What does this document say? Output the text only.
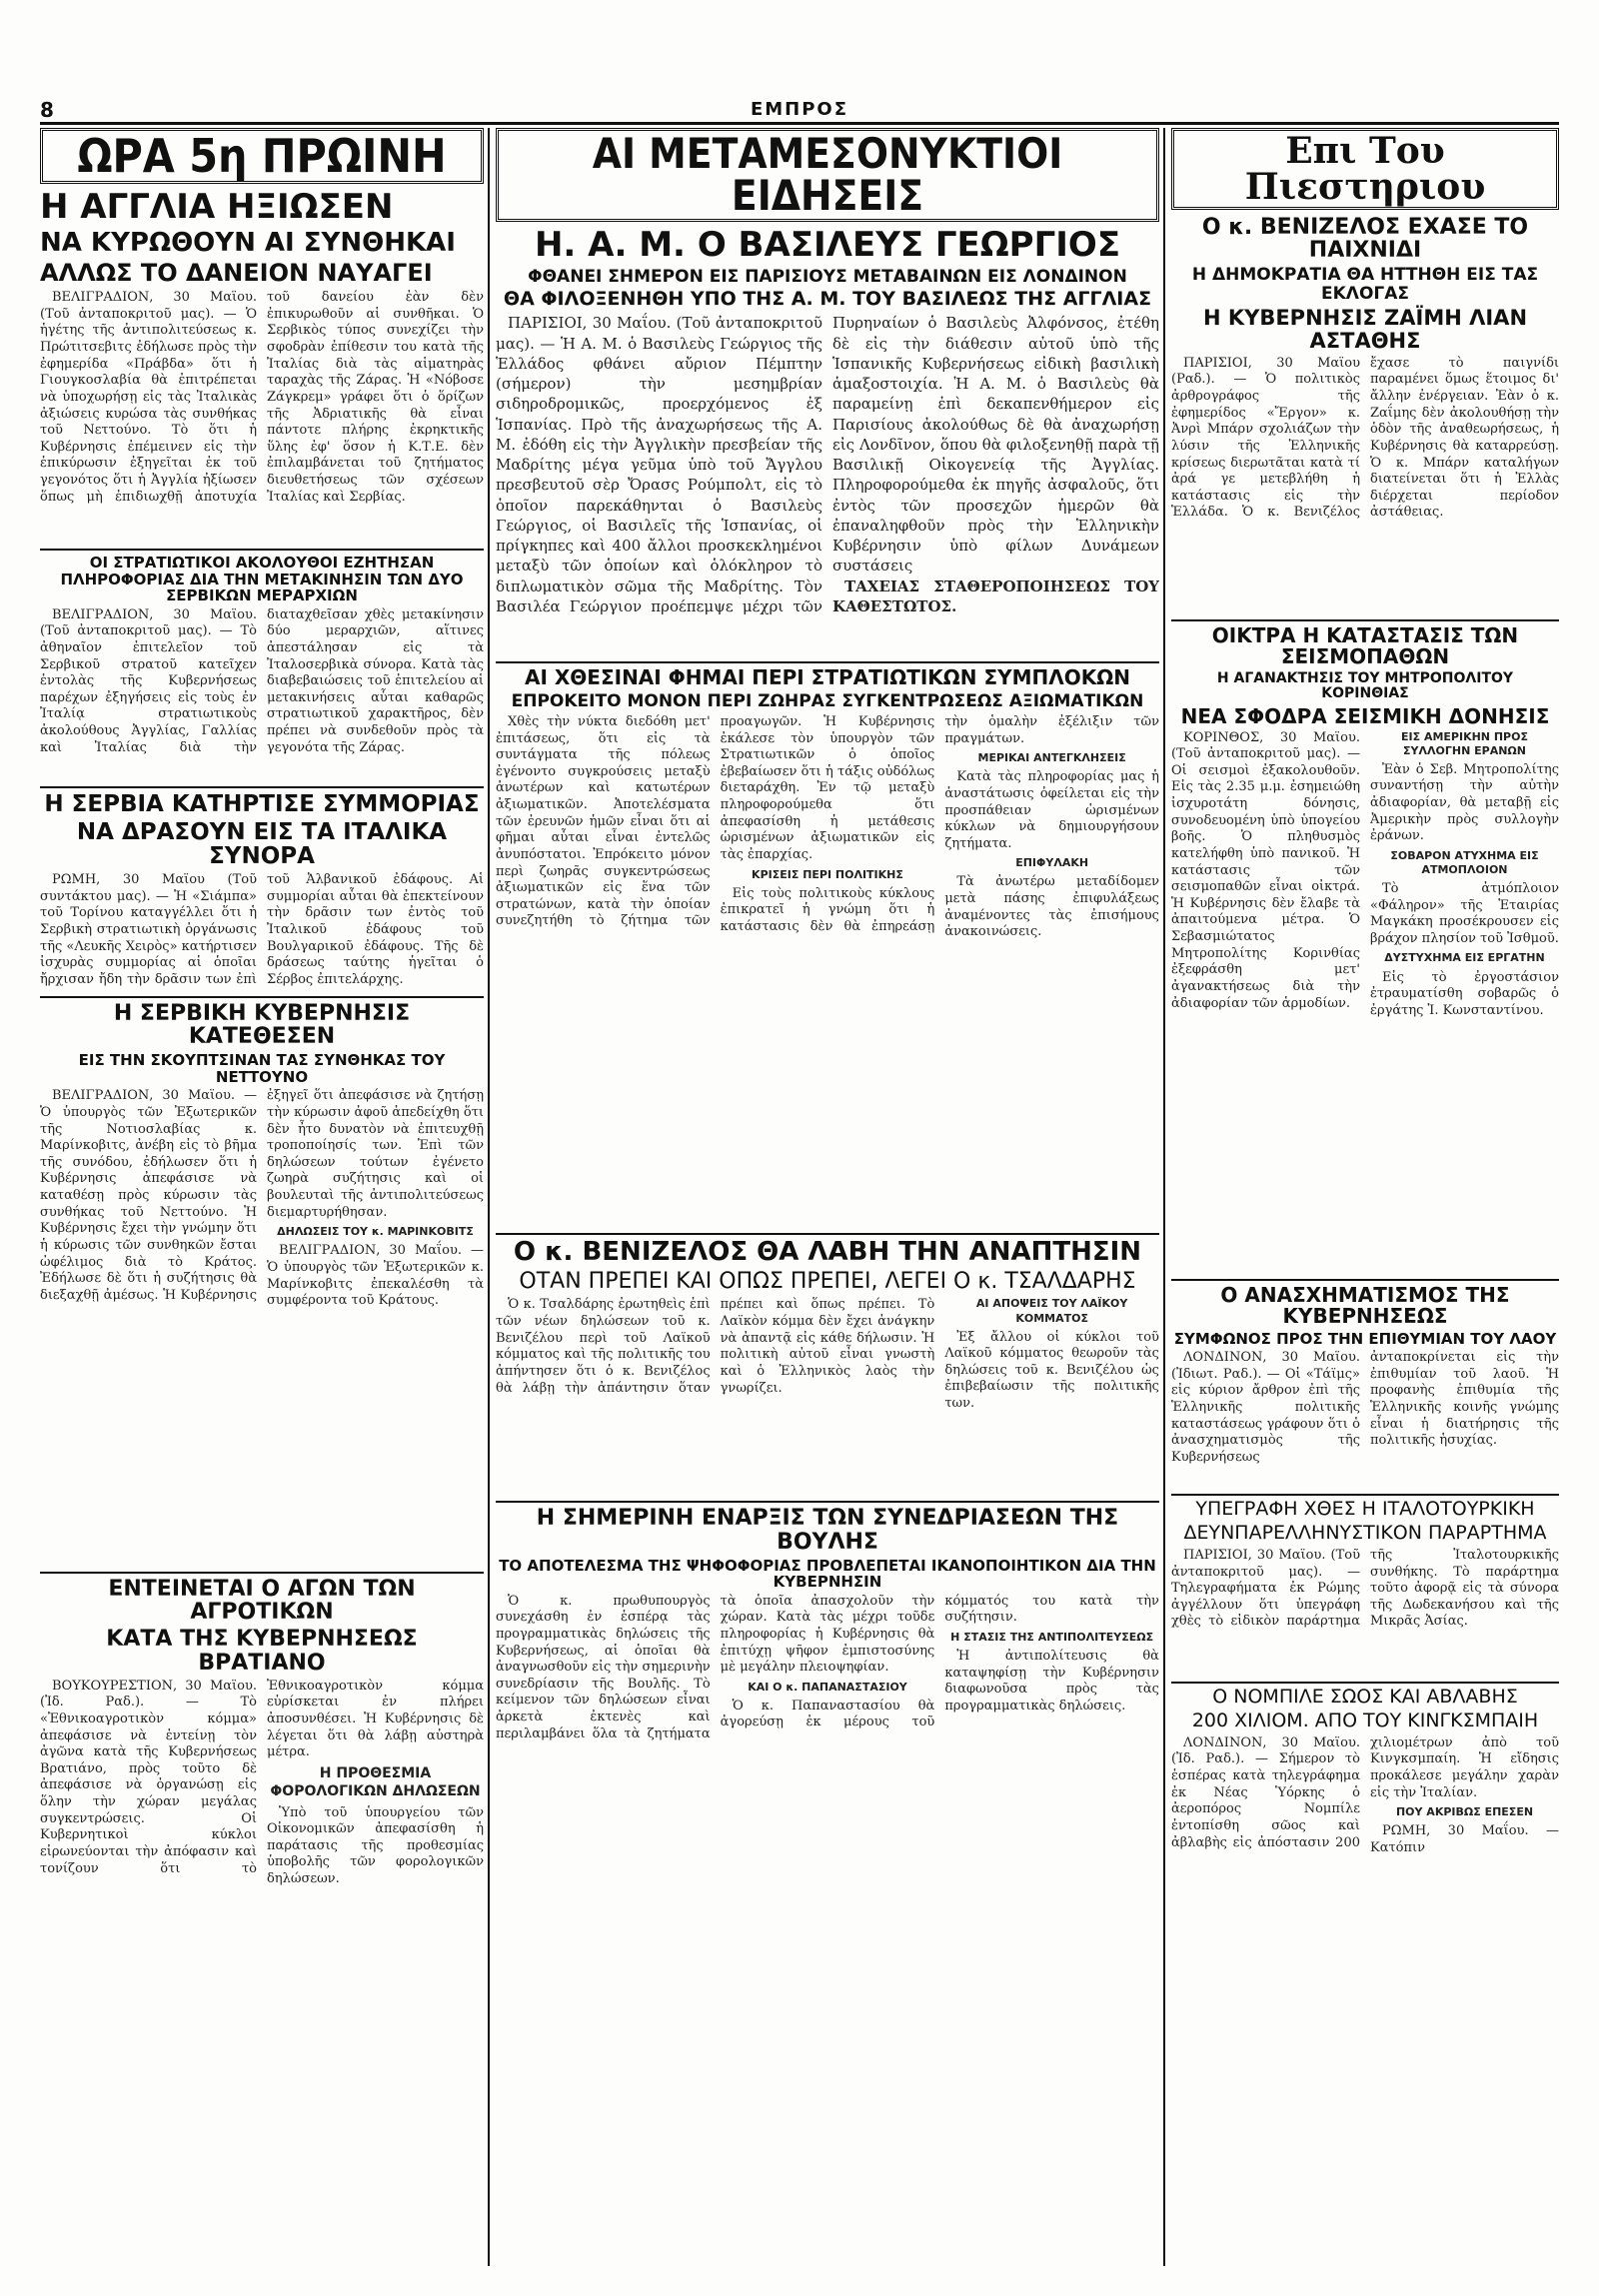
8	ΕΜΠΡΟΣ
ΩΡΑ 5η ΠΡΩΙΝΗ
Η ΑΓΓΛΙΑ ΗΞΙΩΣΕΝ
ΝΑ ΚΥΡΩΘΟΥΝ ΑΙ ΣΥΝΘΗΚΑΙ
ΑΛΛΩΣ ΤΟ ΔΑΝΕΙΟΝ ΝΑΥΑΓΕΙ

ΒΕΛΙΓΡΑΔΙΟΝ, 30 Μαΐου. (Τοῦ ἀνταποκριτοῦ μας). — Ὁ ἡγέτης τῆς ἀντιπολιτεύσεως κ. Πρώτιτσεβιτς ἐδήλωσε πρὸς τὴν ἐφημερίδα «Πράβδα» ὅτι ἡ Γιουγκοσλαβία θὰ ἐπιτρέπεται νὰ ὑποχωρήσῃ εἰς τὰς Ἰταλικὰς ἀξιώσεις κυρώσα τὰς συνθήκας τοῦ Νεττούνο. Τὸ ὅτι ἡ Κυβέρνησις ἐπέμεινεν εἰς τὴν ἐπικύρωσιν ἐξηγεῖται ἐκ τοῦ γεγονότος ὅτι ἡ Ἀγγλία ἠξίωσεν ὅπως μὴ ἐπιδιωχθῇ ἀποτυχία τοῦ δανείου ἐὰν δὲν ἐπικυρωθοῦν αἱ συνθῆκαι. Ὁ Σερβικὸς τύπος συνεχίζει τὴν σφοδρὰν ἐπίθεσιν του κατὰ τῆς Ἰταλίας διὰ τὰς αἱματηρὰς ταραχὰς τῆς Ζάρας. Ἡ «Νόβοσε Ζάγκρεμ» γράφει ὅτι ὁ ὅρίζων τῆς Ἀδριατικῆς θὰ εἶναι πάντοτε πλήρης ἐκρηκτικῆς ὕλης ἐφ' ὅσον ἡ Κ.Τ.Ε. δὲν ἐπιλαμβάνεται τοῦ ζητήματος διευθετήσεως τῶν σχέσεων Ἰταλίας καὶ Σερβίας.

ΟΙ ΣΤΡΑΤΙΩΤΙΚΟΙ ΑΚΟΛΟΥΘΟΙ ΕΖΗΤΗΣΑΝ ΠΛΗΡΟΦΟΡΙΑΣ ΔΙΑ ΤΗΝ ΜΕΤΑΚΙΝΗΣΙΝ ΤΩΝ ΔΥΟ ΣΕΡΒΙΚΩΝ ΜΕΡΑΡΧΙΩΝ

ΒΕΛΙΓΡΑΔΙΟΝ, 30 Μαΐου. (Τοῦ ἀνταποκριτοῦ μας). — Τὸ ἀθηναῖον ἐπιτελεῖον τοῦ Σερβικοῦ στρατοῦ κατεῖχεν ἐντολὰς τῆς Κυβερνήσεως παρέχων ἐξηγήσεις εἰς τοὺς ἐν Ἰταλίᾳ στρατιωτικοὺς ἀκολούθους Ἀγγλίας, Γαλλίας καὶ Ἰταλίας διὰ τὴν διαταχθεῖσαν χθὲς μετακίνησιν δύο μεραρχιῶν, αἵτινες ἀπεστάλησαν εἰς τὰ Ἰταλοσερβικὰ σύνορα. Κατὰ τὰς διαβεβαιώσεις τοῦ ἐπιτελείου αἱ μετακινήσεις αὗται καθαρῶς στρατιωτικοῦ χαρακτῆρος, δὲν πρέπει νὰ συνδεθοῦν πρὸς τὰ γεγονότα τῆς Ζάρας.

Η ΣΕΡΒΙΑ ΚΑΤΗΡΤΙΣΕ ΣΥΜΜΟΡΙΑΣ
ΝΑ ΔΡΑΣΟΥΝ ΕΙΣ ΤΑ ΙΤΑΛΙΚΑ ΣΥΝΟΡΑ

ΡΩΜΗ, 30 Μαΐου (Τοῦ συντάκτου μας). — Ἡ «Σιάμπα» τοῦ Τορίνου καταγγέλλει ὅτι ἡ Σερβικὴ στρατιωτικὴ ὀργάνωσις τῆς «Λευκῆς Χειρὸς» κατήρτισεν ἰσχυρὰς συμμορίας αἱ ὁποῖαι ἤρχισαν ἤδη τὴν δρᾶσιν των ἐπὶ τοῦ Ἀλβανικοῦ ἐδάφους. Αἱ συμμορίαι αὗται θὰ ἐπεκτείνουν τὴν δρᾶσιν των ἐντὸς τοῦ Ἰταλικοῦ ἐδάφους τοῦ Βουλγαρικοῦ ἐδάφους. Τῆς δὲ δράσεως ταύτης ἡγεῖται ὁ Σέρβος ἐπιτελάρχης.

Η ΣΕΡΒΙΚΗ ΚΥΒΕΡΝΗΣΙΣ ΚΑΤΕΘΕΣΕΝ
ΕΙΣ ΤΗΝ ΣΚΟΥΠΤΣΙΝΑΝ ΤΑΣ ΣΥΝΘΗΚΑΣ ΤΟΥ ΝΕΤΤΟΥΝΟ

ΒΕΛΙΓΡΑΔΙΟΝ, 30 Μαΐου. — Ὁ ὑπουργὸς τῶν Ἐξωτερικῶν τῆς Νοτιοσλαβίας κ. Μαρίνκοβιτς, ἀνέβη εἰς τὸ βῆμα τῆς συνόδου, ἐδήλωσεν ὅτι ἡ Κυβέρνησις ἀπεφάσισε νὰ καταθέσῃ πρὸς κύρωσιν τὰς συνθήκας τοῦ Νεττούνο. Ἡ Κυβέρνησις ἔχει τὴν γνώμην ὅτι ἡ κύρωσις τῶν συνθηκῶν ἔσται ὠφέλιμος διὰ τὸ Κράτος. Ἐδήλωσε δὲ ὅτι ἡ συζήτησις θὰ διεξαχθῇ ἀμέσως. Ἡ Κυβέρνησις ἐξηγεῖ ὅτι ἀπεφάσισε νὰ ζητήσῃ τὴν κύρωσιν ἀφοῦ ἀπεδείχθη ὅτι δὲν ἦτο δυνατὸν νὰ ἐπιτευχθῇ τροποποίησίς των. Ἐπὶ τῶν δηλώσεων τούτων ἐγένετο ζωηρὰ συζήτησις καὶ οἱ βουλευταὶ τῆς ἀντιπολιτεύσεως διεμαρτυρήθησαν.

ΔΗΛΩΣΕΙΣ ΤΟΥ κ. ΜΑΡΙΝΚΟΒΙΤΣ

ΒΕΛΙΓΡΑΔΙΟΝ, 30 Μαΐου. — Ὁ ὑπουργὸς τῶν Ἐξωτερικῶν κ. Μαρίνκοβιτς ἐπεκαλέσθη τὰ συμφέροντα τοῦ Κράτους.

ΕΝΤΕΙΝΕΤΑΙ Ο ΑΓΩΝ ΤΩΝ ΑΓΡΟΤΙΚΩΝ
ΚΑΤΑ ΤΗΣ ΚΥΒΕΡΝΗΣΕΩΣ ΒΡΑΤΙΑΝΟ

ΒΟΥΚΟΥΡΕΣΤΙΟΝ, 30 Μαΐου. (Ἰδ. Ραδ.). — Τὸ «Ἐθνικοαγροτικὸν κόμμα» ἀπεφάσισε νὰ ἐντείνῃ τὸν ἀγῶνα κατὰ τῆς Κυβερνήσεως Βρατιάνο, πρὸς τοῦτο δὲ ἀπεφάσισε νὰ ὀργανώσῃ εἰς ὅλην τὴν χώραν μεγάλας συγκεντρώσεις. Οἱ Κυβερνητικοὶ κύκλοι εἰρωνεύονται τὴν ἀπόφασιν καὶ τονίζουν ὅτι τὸ Ἐθνικοαγροτικὸν κόμμα εὑρίσκεται ἐν πλήρει ἀποσυνθέσει. Ἡ Κυβέρνησις δὲ λέγεται ὅτι θὰ λάβῃ αὐστηρὰ μέτρα.

Η ΠΡΟΘΕΣΜΙΑ ΦΟΡΟΛΟΓΙΚΩΝ ΔΗΛΩΣΕΩΝ

Ὑπὸ τοῦ ὑπουργείου τῶν Οἰκονομικῶν ἀπεφασίσθη ἡ παράτασις τῆς προθεσμίας ὑποβολῆς τῶν φορολογικῶν δηλώσεων.

ΑΙ ΜΕΤΑΜΕΣΟΝΥΚΤΙΟΙ ΕΙΔΗΣΕΙΣ
Η. Α. Μ. Ο ΒΑΣΙΛΕΥΣ ΓΕΩΡΓΙΟΣ
ΦΘΑΝΕΙ ΣΗΜΕΡΟΝ ΕΙΣ ΠΑΡΙΣΙΟΥΣ ΜΕΤΑΒΑΙΝΩΝ ΕΙΣ ΛΟΝΔΙΝΟΝ
ΘΑ ΦΙΛΟΞΕΝΗΘΗ ΥΠΟ ΤΗΣ Α. Μ. ΤΟΥ ΒΑΣΙΛΕΩΣ ΤΗΣ ΑΓΓΛΙΑΣ

ΠΑΡΙΣΙΟΙ, 30 Μαΐου. (Τοῦ ἀνταποκριτοῦ μας). — Ἡ Α. Μ. ὁ Βασιλεὺς Γεώργιος τῆς Ἑλλάδος φθάνει αὔριον Πέμπτην (σήμερον) τὴν μεσημβρίαν σιδηροδρομικῶς, προερχόμενος ἐξ Ἱσπανίας. Πρὸ τῆς ἀναχωρήσεως τῆς Α. Μ. ἐδόθη εἰς τὴν Ἀγγλικὴν πρεσβείαν τῆς Μαδρίτης μέγα γεῦμα ὑπὸ τοῦ Ἄγγλου πρεσβευτοῦ σὲρ Ὄρασς Ρούμπολτ, εἰς τὸ ὁποῖον παρεκάθηνται ὁ Βασιλεὺς Γεώργιος, οἱ Βασιλεῖς τῆς Ἱσπανίας, οἱ πρίγκηπες καὶ 400 ἄλλοι προσκεκλημένοι μεταξὺ τῶν ὁποίων καὶ ὁλόκληρον τὸ διπλωματικὸν σῶμα τῆς Μαδρίτης. Τὸν Βασιλέα Γεώργιον προέπεμψε μέχρι τῶν Πυρηναίων ὁ Βασιλεὺς Ἀλφόνσος, ἐτέθη δὲ εἰς τὴν διάθεσιν αὐτοῦ ὑπὸ τῆς Ἱσπανικῆς Κυβερνήσεως εἰδικὴ βασιλικὴ ἁμαξοστοιχία. Ἡ Α. Μ. ὁ Βασιλεὺς θὰ παραμείνῃ ἐπὶ δεκαπενθήμερον εἰς Παρισίους ἀκολούθως δὲ θὰ ἀναχωρήσῃ εἰς Λονδῖνον, ὅπου θὰ φιλοξενηθῇ παρὰ τῇ Βασιλικῇ Οἰκογενείᾳ τῆς Ἀγγλίας. Πληροφορούμεθα ἐκ πηγῆς ἀσφαλοῦς, ὅτι ἐντὸς τῶν προσεχῶν ἡμερῶν θὰ ἐπαναληφθοῦν πρὸς τὴν Ἑλληνικὴν Κυβέρνησιν ὑπὸ φίλων Δυνάμεων συστάσεις

ΤΑΧΕΙΑΣ ΣΤΑΘΕΡΟΠΟΙΗΣΕΩΣ ΤΟΥ ΚΑΘΕΣΤΩΤΟΣ.

ΑΙ ΧΘΕΣΙΝΑΙ ΦΗΜΑΙ ΠΕΡΙ ΣΤΡΑΤΙΩΤΙΚΩΝ ΣΥΜΠΛΟΚΩΝ
ΕΠΡΟΚΕΙΤΟ ΜΟΝΟΝ ΠΕΡΙ ΖΩΗΡΑΣ ΣΥΓΚΕΝΤΡΩΣΕΩΣ ΑΞΙΩΜΑΤΙΚΩΝ

Χθὲς τὴν νύκτα διεδόθη μετ' ἐπιτάσεως, ὅτι εἰς τὰ συντάγματα τῆς πόλεως ἐγένοντο συγκρούσεις μεταξὺ ἀνωτέρων καὶ κατωτέρων ἀξιωματικῶν. Ἀποτελέσματα τῶν ἐρευνῶν ἡμῶν εἶναι ὅτι αἱ φῆμαι αὗται εἶναι ἐντελῶς ἀνυπόστατοι. Ἐπρόκειτο μόνον περὶ ζωηρᾶς συγκεντρώσεως ἀξιωματικῶν εἰς ἕνα τῶν στρατώνων, κατὰ τὴν ὁποίαν συνεζητήθη τὸ ζήτημα τῶν προαγωγῶν. Ἡ Κυβέρνησις ἐκάλεσε τὸν ὑπουργὸν τῶν Στρατιωτικῶν ὁ ὁποῖος ἐβεβαίωσεν ὅτι ἡ τάξις οὐδόλως διεταράχθη. Ἐν τῷ μεταξὺ πληροφορούμεθα ὅτι ἀπεφασίσθη ἡ μετάθεσις ὡρισμένων ἀξιωματικῶν εἰς τὰς ἐπαρχίας.

ΚΡΙΣΕΙΣ ΠΕΡΙ ΠΟΛΙΤΙΚΗΣ

Εἰς τοὺς πολιτικοὺς κύκλους ἐπικρατεῖ ἡ γνώμη ὅτι ἡ κατάστασις δὲν θὰ ἐπηρεάσῃ τὴν ὁμαλὴν ἐξέλιξιν τῶν πραγμάτων.

ΜΕΡΙΚΑΙ ΑΝΤΕΓΚΛΗΣΕΙΣ

Κατὰ τὰς πληροφορίας μας ἡ ἀναστάτωσις ὀφείλεται εἰς τὴν προσπάθειαν ὡρισμένων κύκλων νὰ δημιουργήσουν ζητήματα.

ΕΠΙΦΥΛΑΚΗ

Τὰ ἀνωτέρω μεταδίδομεν μετὰ πάσης ἐπιφυλάξεως ἀναμένοντες τὰς ἐπισήμους ἀνακοινώσεις.

Ο κ. ΒΕΝΙΖΕΛΟΣ ΘΑ ΛΑΒΗ ΤΗΝ ΑΝΑΠΤΗΣΙΝ
ΟΤΑΝ ΠΡΕΠΕΙ ΚΑΙ ΟΠΩΣ ΠΡΕΠΕΙ, ΛΕΓΕΙ Ο κ. ΤΣΑΛΔΑΡΗΣ

Ὁ κ. Τσαλδάρης ἐρωτηθεὶς ἐπὶ τῶν νέων δηλώσεων τοῦ κ. Βενιζέλου περὶ τοῦ Λαϊκοῦ κόμματος καὶ τῆς πολιτικῆς του ἀπήντησεν ὅτι ὁ κ. Βενιζέλος θὰ λάβῃ τὴν ἀπάντησιν ὅταν πρέπει καὶ ὅπως πρέπει. Τὸ Λαϊκὸν κόμμα δὲν ἔχει ἀνάγκην νὰ ἀπαντᾷ εἰς κάθε δήλωσιν. Ἡ πολιτικὴ αὐτοῦ εἶναι γνωστὴ καὶ ὁ Ἑλληνικὸς λαὸς τὴν γνωρίζει.

ΑΙ ΑΠΟΨΕΙΣ ΤΟΥ ΛΑΪΚΟΥ ΚΟΜΜΑΤΟΣ

Ἐξ ἄλλου οἱ κύκλοι τοῦ Λαϊκοῦ κόμματος θεωροῦν τὰς δηλώσεις τοῦ κ. Βενιζέλου ὡς ἐπιβεβαίωσιν τῆς πολιτικῆς των.

Η ΣΗΜΕΡΙΝΗ ΕΝΑΡΞΙΣ ΤΩΝ ΣΥΝΕΔΡΙΑΣΕΩΝ ΤΗΣ ΒΟΥΛΗΣ
ΤΟ ΑΠΟΤΕΛΕΣΜΑ ΤΗΣ ΨΗΦΟΦΟΡΙΑΣ ΠΡΟΒΛΕΠΕΤΑΙ ΙΚΑΝΟΠΟΙΗΤΙΚΟΝ ΔΙΑ ΤΗΝ ΚΥΒΕΡΝΗΣΙΝ

Ὁ κ. πρωθυπουργὸς συνεχάσθη ἐν ἑσπέρᾳ τὰς προγραμματικὰς δηλώσεις τῆς Κυβερνήσεως, αἱ ὁποῖαι θὰ ἀναγνωσθοῦν εἰς τὴν σημερινὴν συνεδρίασιν τῆς Βουλῆς. Τὸ κείμενον τῶν δηλώσεων εἶναι ἀρκετὰ ἐκτενὲς καὶ περιλαμβάνει ὅλα τὰ ζητήματα τὰ ὁποῖα ἀπασχολοῦν τὴν χώραν. Κατὰ τὰς μέχρι τοῦδε πληροφορίας ἡ Κυβέρνησις θὰ ἐπιτύχῃ ψῆφον ἐμπιστοσύνης μὲ μεγάλην πλειοψηφίαν.

ΚΑΙ Ο κ. ΠΑΠΑΝΑΣΤΑΣΙΟΥ

Ὁ κ. Παπαναστασίου θὰ ἀγορεύσῃ ἐκ μέρους τοῦ κόμματός του κατὰ τὴν συζήτησιν.

Η ΣΤΑΣΙΣ ΤΗΣ ΑΝΤΙΠΟΛΙΤΕΥΣΕΩΣ

Ἡ ἀντιπολίτευσις θὰ καταψηφίσῃ τὴν Κυβέρνησιν διαφωνοῦσα πρὸς τὰς προγραμματικὰς δηλώσεις.

Επι Του Πιεστηριου
Ο κ. ΒΕΝΙΖΕΛΟΣ ΕΧΑΣΕ ΤΟ ΠΑΙΧΝΙΔΙ
Η ΔΗΜΟΚΡΑΤΙΑ ΘΑ ΗΤΤΗΘΗ ΕΙΣ ΤΑΣ ΕΚΛΟΓΑΣ
Η ΚΥΒΕΡΝΗΣΙΣ ΖΑΪΜΗ ΛΙΑΝ ΑΣΤΑΘΗΣ

ΠΑΡΙΣΙΟΙ, 30 Μαΐου (Ραδ.). — Ὁ πολιτικὸς ἀρθρογράφος τῆς ἐφημερίδος «Ἔργον» κ. Ἀνρὶ Μπάρν σχολιάζων τὴν λύσιν τῆς Ἑλληνικῆς κρίσεως διερωτᾶται κατὰ τί ἀρά γε μετεβλήθη ἡ κατάστασις εἰς τὴν Ἑλλάδα. Ὁ κ. Βενιζέλος ἔχασε τὸ παιγνίδι παραμένει ὅμως ἕτοιμος δι' ἄλλην ἐνέργειαν. Ἐὰν ὁ κ. Ζαΐμης δὲν ἀκολουθήσῃ τὴν ὁδὸν τῆς ἀναθεωρήσεως, ἡ Κυβέρνησις θὰ καταρρεύσῃ. Ὁ κ. Μπάρν καταλήγων διατείνεται ὅτι ἡ Ἑλλὰς διέρχεται περίοδον ἀστάθειας.

ΟΙΚΤΡΑ Η ΚΑΤΑΣΤΑΣΙΣ ΤΩΝ ΣΕΙΣΜΟΠΑΘΩΝ
Η ΑΓΑΝΑΚΤΗΣΙΣ ΤΟΥ ΜΗΤΡΟΠΟΛΙΤΟΥ ΚΟΡΙΝΘΙΑΣ
ΝΕΑ ΣΦΟΔΡΑ ΣΕΙΣΜΙΚΗ ΔΟΝΗΣΙΣ

ΚΟΡΙΝΘΟΣ, 30 Μαΐου. (Τοῦ ἀνταποκριτοῦ μας). — Οἱ σεισμοὶ ἐξακολουθοῦν. Εἰς τὰς 2.35 μ.μ. ἐσημειώθη ἰσχυροτάτη δόνησις, συνοδευομένη ὑπὸ ὑπογείου βοῆς. Ὁ πληθυσμὸς κατελήφθη ὑπὸ πανικοῦ. Ἡ κατάστασις τῶν σεισμοπαθῶν εἶναι οἰκτρά. Ἡ Κυβέρνησις δὲν ἔλαβε τὰ ἀπαιτούμενα μέτρα. Ὁ Σεβασμιώτατος Μητροπολίτης Κορινθίας ἐξεφράσθη μετ' ἀγανακτήσεως διὰ τὴν ἀδιαφορίαν τῶν ἁρμοδίων.

ΕΙΣ ΑΜΕΡΙΚΗΝ ΠΡΟΣ ΣΥΛΛΟΓΗΝ ΕΡΑΝΩΝ

Ἐὰν ὁ Σεβ. Μητροπολίτης συναντήσῃ τὴν αὐτὴν ἀδιαφορίαν, θὰ μεταβῇ εἰς Ἀμερικὴν πρὸς συλλογὴν ἐράνων.

ΣΟΒΑΡΟΝ ΑΤΥΧΗΜΑ ΕΙΣ ΑΤΜΟΠΛΟΙΟΝ

Τὸ ἀτμόπλοιον «Φάληρον» τῆς Ἑταιρίας Μαγκάκη προσέκρουσεν εἰς βράχον πλησίον τοῦ Ἰσθμοῦ.

ΔΥΣΤΥΧΗΜΑ ΕΙΣ ΕΡΓΑΤΗΝ

Εἰς τὸ ἐργοστάσιον ἐτραυματίσθη σοβαρῶς ὁ ἐργάτης Ἰ. Κωνσταντίνου.

Ο ΑΝΑΣΧΗΜΑΤΙΣΜΟΣ ΤΗΣ ΚΥΒΕΡΝΗΣΕΩΣ
ΣΥΜΦΩΝΟΣ ΠΡΟΣ ΤΗΝ ΕΠΙΘΥΜΙΑΝ ΤΟΥ ΛΑΟΥ

ΛΟΝΔΙΝΟΝ, 30 Μαΐου. (Ἰδιωτ. Ραδ.). — Οἱ «Τάϊμς» εἰς κύριον ἄρθρον ἐπὶ τῆς Ἑλληνικῆς πολιτικῆς καταστάσεως γράφουν ὅτι ὁ ἀνασχηματισμὸς τῆς Κυβερνήσεως ἀνταποκρίνεται εἰς τὴν ἐπιθυμίαν τοῦ λαοῦ. Ἡ προφανὴς ἐπιθυμία τῆς Ἑλληνικῆς κοινῆς γνώμης εἶναι ἡ διατήρησις τῆς πολιτικῆς ἡσυχίας.

ΥΠΕΓΡΑΦΗ ΧΘΕΣ Η ΙΤΑΛΟΤΟΥΡΚΙΚΗ
ΔΕΥΝΠΑΡΕΛΛΗΝΥΣΤΙΚΟΝ ΠΑΡΑΡΤΗΜΑ

ΠΑΡΙΣΙΟΙ, 30 Μαΐου. (Τοῦ ἀνταποκριτοῦ μας). — Τηλεγραφήματα ἐκ Ρώμης ἀγγέλλουν ὅτι ὑπεγράφη χθὲς τὸ εἰδικὸν παράρτημα τῆς Ἰταλοτουρκικῆς συνθήκης. Τὸ παράρτημα τοῦτο ἀφορᾷ εἰς τὰ σύνορα τῆς Δωδεκανήσου καὶ τῆς Μικρᾶς Ἀσίας.

Ο ΝΟΜΠΙΛΕ ΣΩΟΣ ΚΑΙ ΑΒΛΑΒΗΣ
200 ΧΙΛΙΟΜ. ΑΠΟ ΤΟΥ ΚΙΝΓΚΣΜΠΑΙΗ

ΛΟΝΔΙΝΟΝ, 30 Μαΐου. (Ἰδ. Ραδ.). — Σήμερον τὸ ἑσπέρας κατὰ τηλεγράφημα ἐκ Νέας Ὑόρκης ὁ ἀεροπόρος Νομπίλε ἐντοπίσθη σῶος καὶ ἀβλαβὴς εἰς ἀπόστασιν 200 χιλιομέτρων ἀπὸ τοῦ Κινγκσμπαίη. Ἡ εἴδησις προκάλεσε μεγάλην χαρὰν εἰς τὴν Ἰταλίαν.

ΠΟΥ ΑΚΡΙΒΩΣ ΕΠΕΣΕΝ

ΡΩΜΗ, 30 Μαΐου. — Κατόπιν
